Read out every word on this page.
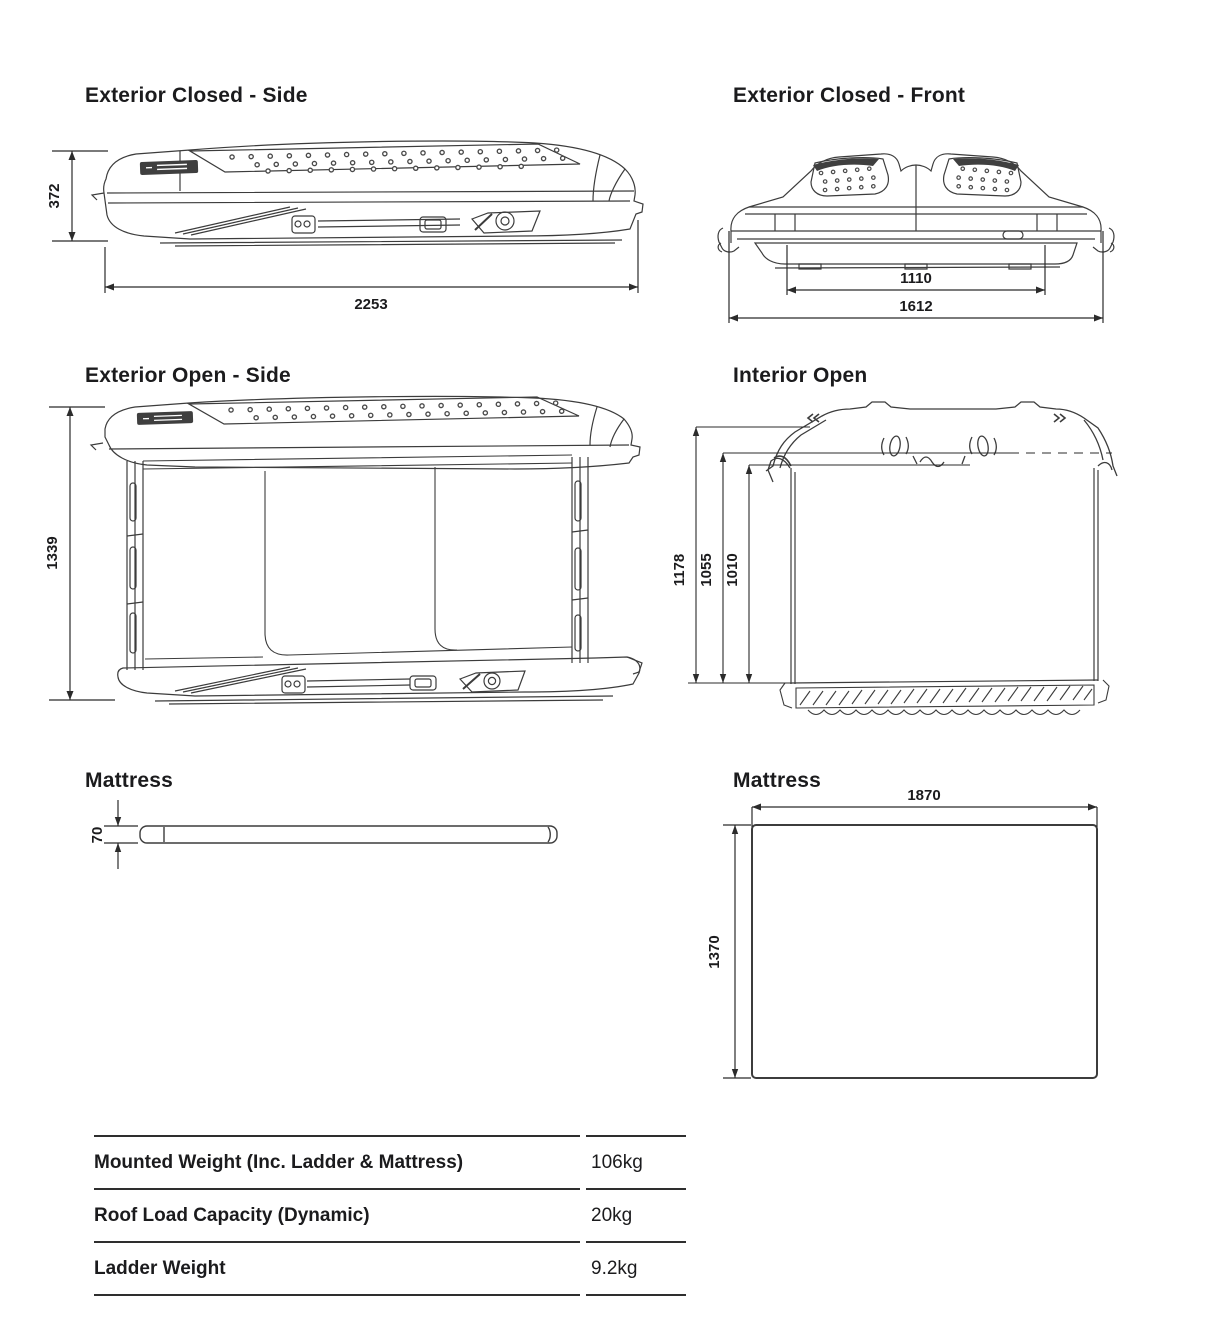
Exterior Closed - Side	Exterior Closed - Front
Exterior Open - Side	Interior Open
Mattress	Mattress
372
2253
1110
1612
1339
1178 1055 1010
70
1870
1370
Mounted Weight (Inc. Ladder & Mattress)	106kg
Roof Load Capacity (Dynamic)	20kg
Ladder Weight	9.2kg
